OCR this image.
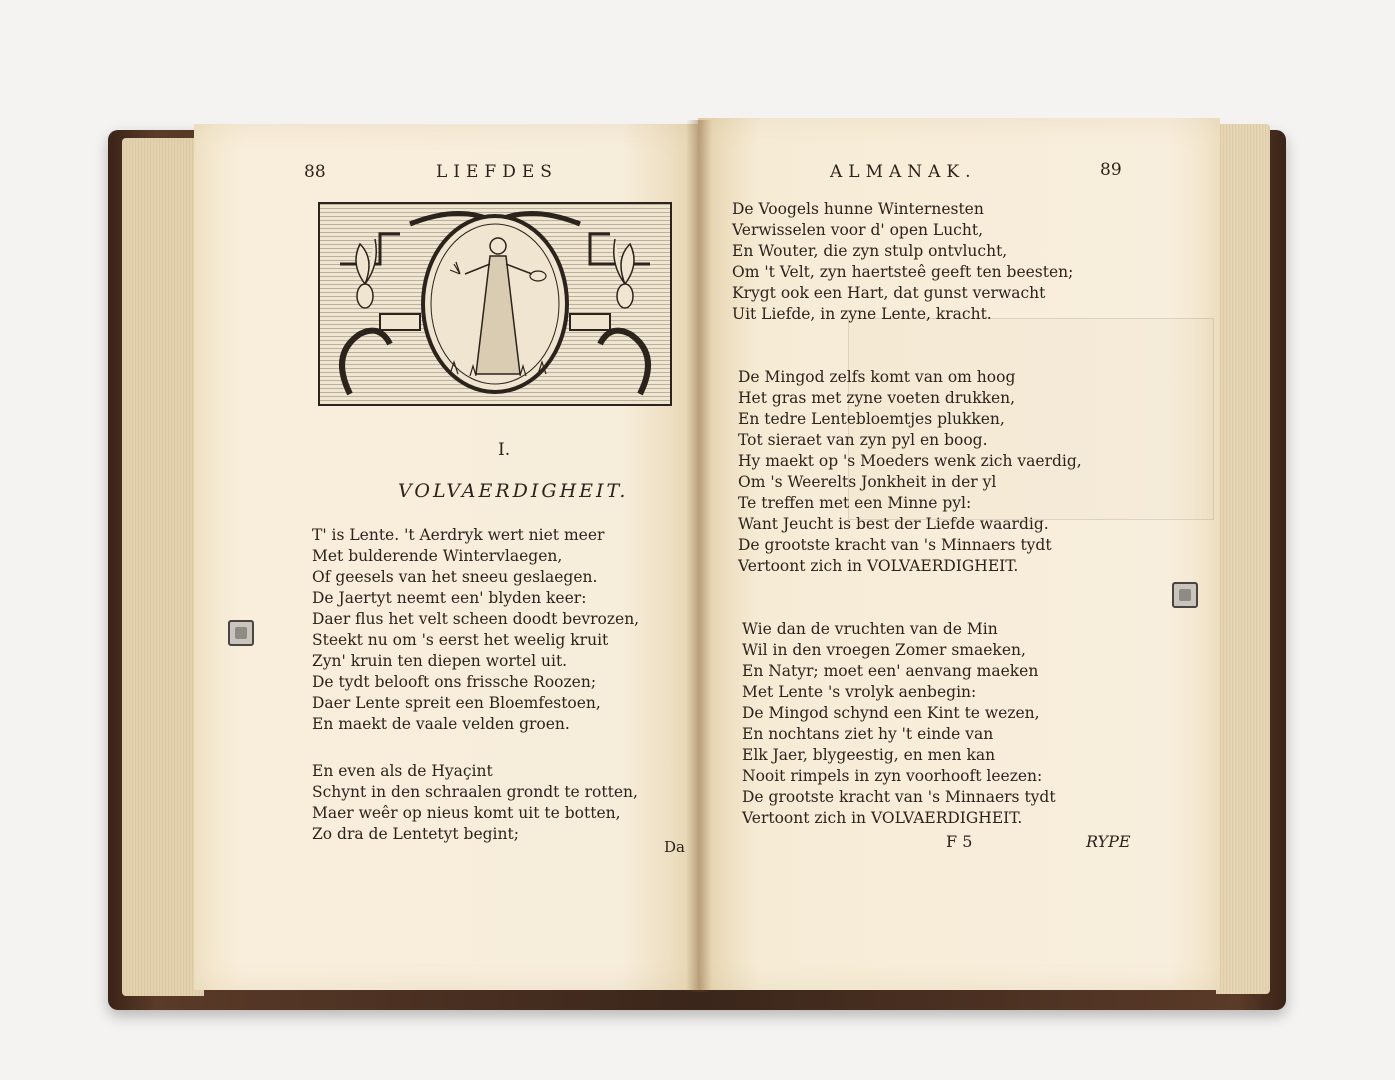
88	LIEFDES
I.
VOLVAERDIGHEIT.
T' is Lente. 't Aerdryk wert niet meer
Met bulderende Wintervlaegen,
Of geesels van het sneeu geslaegen.
De Jaertyt neemt een' blyden keer:
Daer flus het velt scheen doodt bevrozen,
Steekt nu om 's eerst het weelig kruit
Zyn' kruin ten diepen wortel uit.
De tydt belooft ons frissche Roozen;
Daer Lente spreit een Bloemfestoen,
En maekt de vaale velden groen.
En even als de Hyaçint
Schynt in den schraalen grondt te rotten,
Maer weêr op nieus komt uit te botten,
Zo dra de Lentetyt begint;
Da
ALMANAK.	89
De Voogels hunne Winternesten
Verwisselen voor d' open Lucht,
En Wouter, die zyn stulp ontvlucht,
Om 't Velt, zyn haertsteê geeft ten beesten;
Krygt ook een Hart, dat gunst verwacht
Uit Liefde, in zyne Lente, kracht.
De Mingod zelfs komt van om hoog
Het gras met zyne voeten drukken,
En tedre Lentebloemtjes plukken,
Tot sieraet van zyn pyl en boog.
Hy maekt op 's Moeders wenk zich vaerdig,
Om 's Weerelts Jonkheit in der yl
Te treffen met een Minne pyl:
Want Jeucht is best der Liefde waardig.
De grootste kracht van 's Minnaers tydt
Vertoont zich in VOLVAERDIGHEIT.
Wie dan de vruchten van de Min
Wil in den vroegen Zomer smaeken,
En Natyr; moet een' aenvang maeken
Met Lente 's vrolyk aenbegin:
De Mingod schynd een Kint te wezen,
En nochtans ziet hy 't einde van
Elk Jaer, blygeestig, en men kan
Nooit rimpels in zyn voorhooft leezen:
De grootste kracht van 's Minnaers tydt
Vertoont zich in VOLVAERDIGHEIT.
F 5	RYPE
